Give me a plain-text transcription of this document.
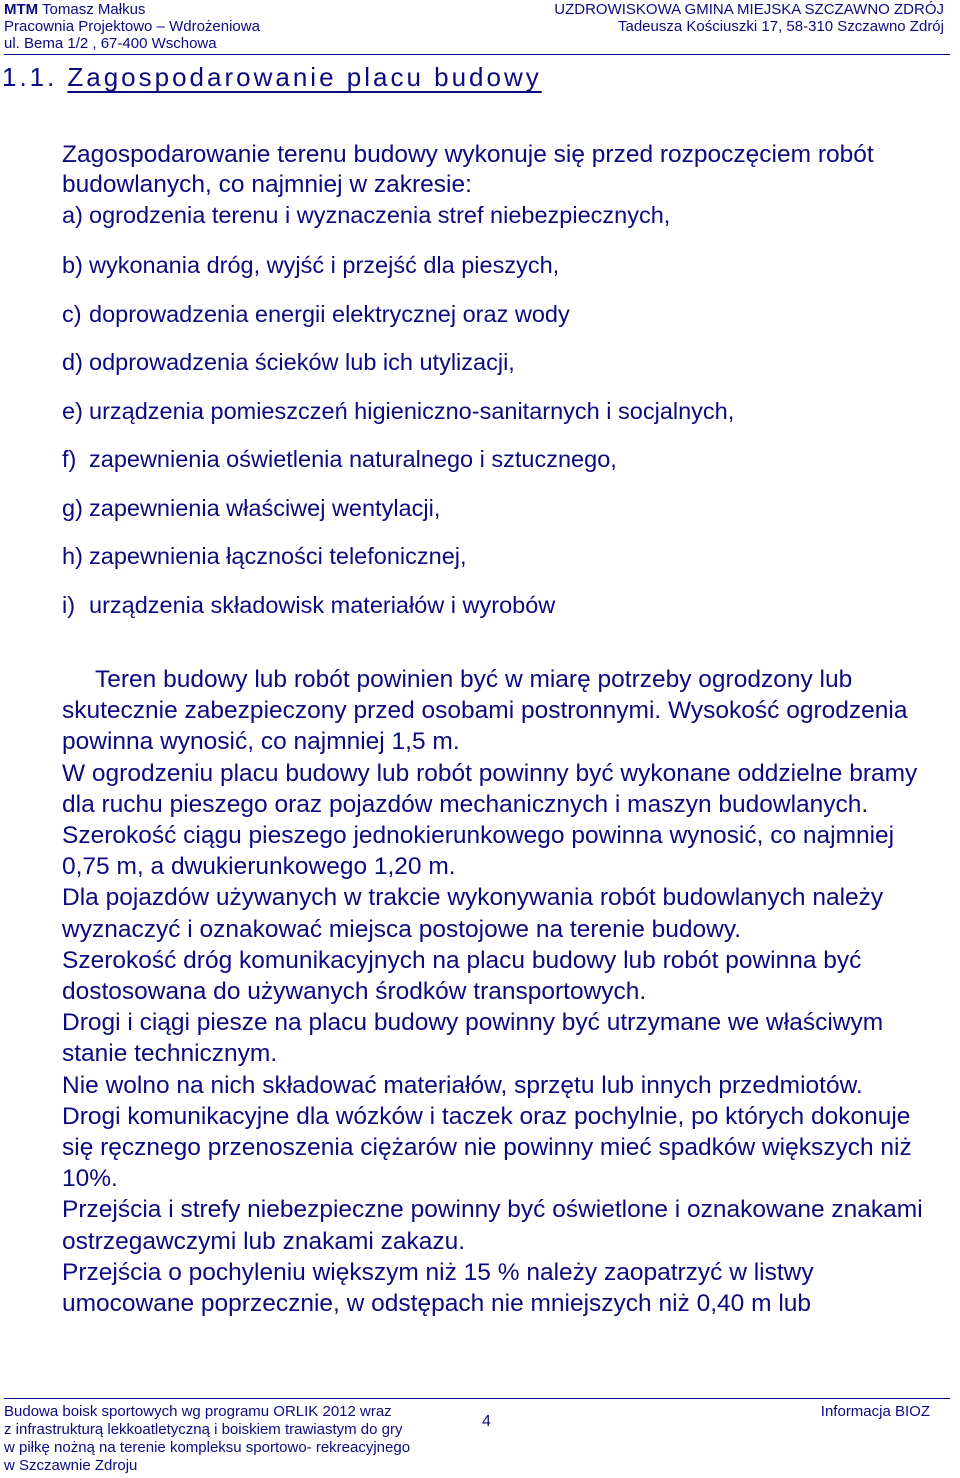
MTM Tomasz Małkus
Pracownia Projektowo – Wdrożeniowa
ul. Bema 1/2 , 67-400 Wschowa
UZDROWISKOWA GMINA MIEJSKA SZCZAWNO ZDRÓJ
Tadeusza Kościuszki 17, 58-310 Szczawno Zdrój
1.1. Zagospodarowanie placu budowy
Zagospodarowanie terenu budowy wykonuje się przed rozpoczęciem robót budowlanych, co najmniej w zakresie:
a) ogrodzenia terenu i wyznaczenia stref niebezpiecznych,
b) wykonania dróg, wyjść i przejść dla pieszych,
c) doprowadzenia energii elektrycznej oraz wody
d) odprowadzenia ścieków lub ich utylizacji,
e) urządzenia pomieszczeń higieniczno-sanitarnych i socjalnych,
f) zapewnienia oświetlenia naturalnego i sztucznego,
g) zapewnienia właściwej wentylacji,
h) zapewnienia łączności telefonicznej,
i) urządzenia składowisk materiałów i wyrobów

Teren budowy lub robót powinien być w miarę potrzeby ogrodzony lub skutecznie zabezpieczony przed osobami postronnymi. Wysokość ogrodzenia powinna wynosić, co najmniej 1,5 m.

W ogrodzeniu placu budowy lub robót powinny być wykonane oddzielne bramy dla ruchu pieszego oraz pojazdów mechanicznych i maszyn budowlanych.

Szerokość ciągu pieszego jednokierunkowego powinna wynosić, co najmniej 0,75 m, a dwukierunkowego 1,20 m.

Dla pojazdów używanych w trakcie wykonywania robót budowlanych należy wyznaczyć i oznakować miejsca postojowe na terenie budowy.

Szerokość dróg komunikacyjnych na placu budowy lub robót powinna być dostosowana do używanych środków transportowych.

Drogi i ciągi piesze na placu budowy powinny być utrzymane we właściwym stanie technicznym.

Nie wolno na nich składować materiałów, sprzętu lub innych przedmiotów.

Drogi komunikacyjne dla wózków i taczek oraz pochylnie, po których dokonuje się ręcznego przenoszenia ciężarów nie powinny mieć spadków większych niż 10%.

Przejścia i strefy niebezpieczne powinny być oświetlone i oznakowane znakami ostrzegawczymi lub znakami zakazu.

Przejścia o pochyleniu większym niż 15 % należy zaopatrzyć w listwy umocowane poprzecznie, w odstępach nie mniejszych niż 0,40 m lub

Budowa boisk sportowych wg programu ORLIK 2012 wraz
z infrastrukturą lekkoatletyczną i boiskiem trawiastym do gry
w piłkę nożną na terenie kompleksu sportowo- rekreacyjnego
w Szczawnie Zdroju
4
Informacja BIOZ
